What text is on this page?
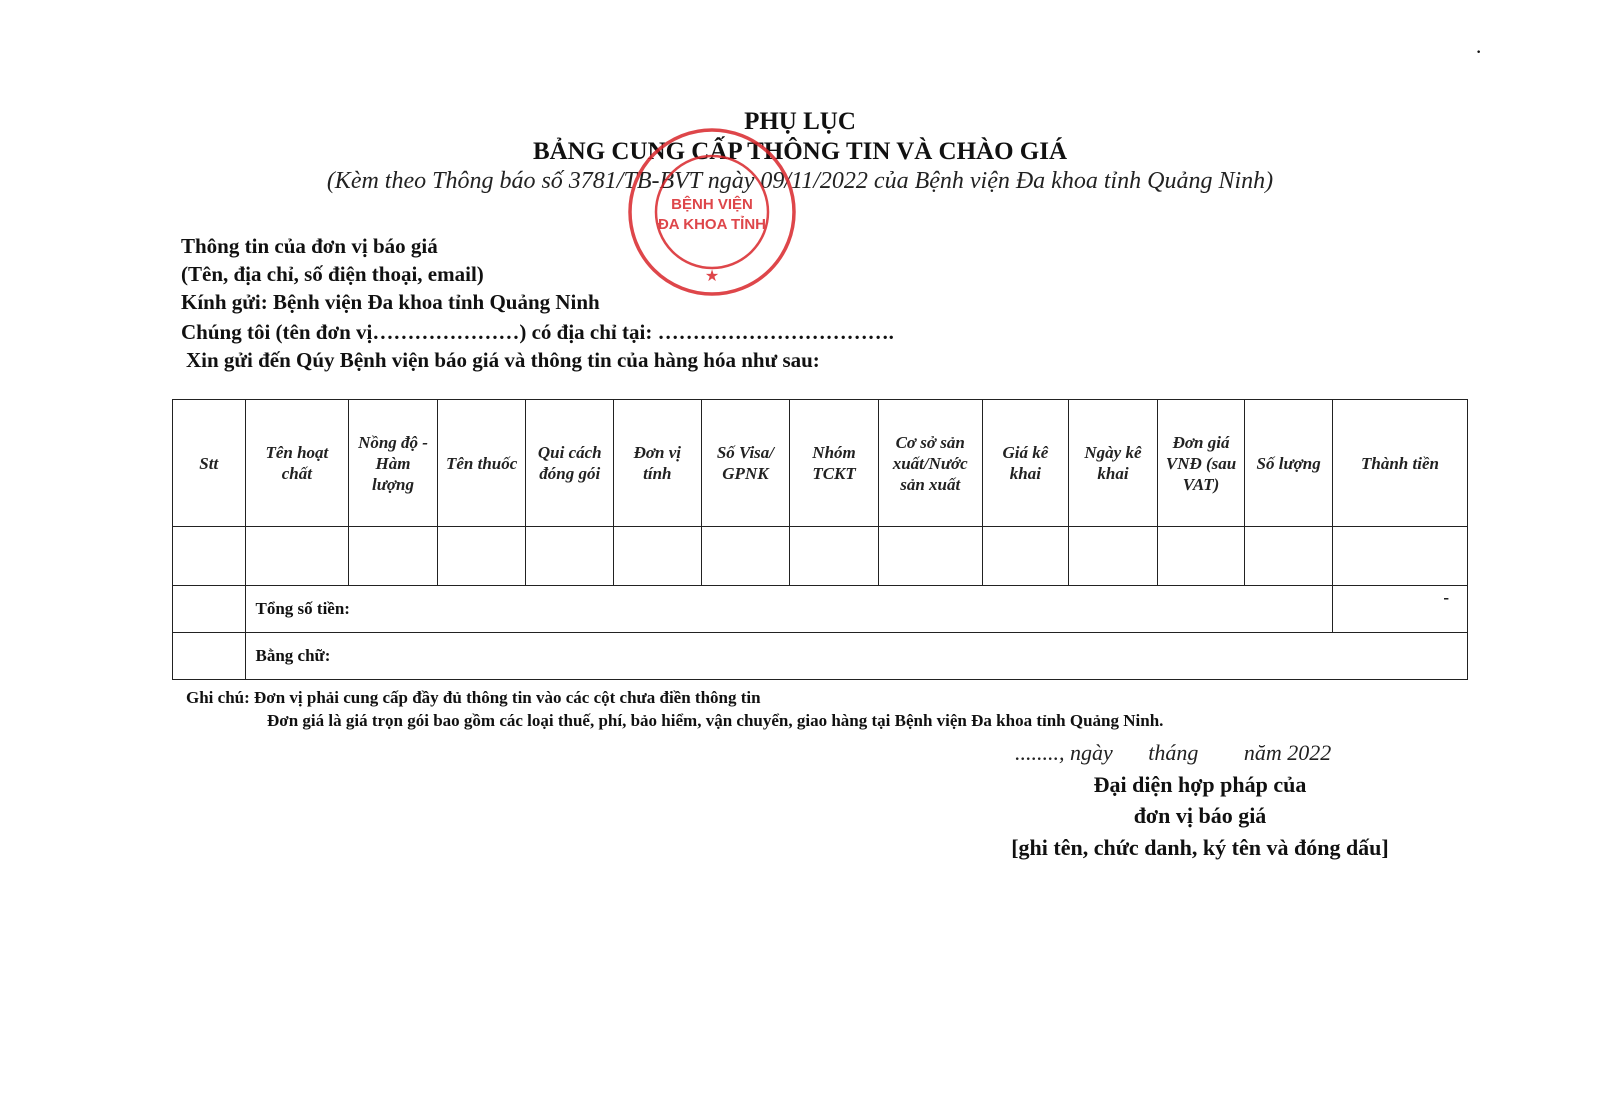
·
PHỤ LỤC
BẢNG CUNG CẤP THÔNG TIN VÀ CHÀO GIÁ
(Kèm theo Thông báo số 3781/TB-BVT ngày 09/11/2022 của Bệnh viện Đa khoa tỉnh Quảng Ninh)
BỆNH VIỆN
ĐA KHOA TỈNH
★
Thông tin của đơn vị báo giá
(Tên, địa chỉ, số điện thoại, email)
Kính gửi: Bệnh viện Đa khoa tỉnh Quảng Ninh
Chúng tôi (tên đơn vị…………………) có địa chỉ tại: …………………………….
Xin gửi đến Qúy Bệnh viện báo giá và thông tin của hàng hóa như sau:
Stt	Tên hoạt chất	Nồng độ - Hàm lượng	Tên thuốc	Qui cách đóng gói	Đơn vị tính	Số Visa/ GPNK	Nhóm TCKT	Cơ sở sản xuất/Nước sản xuất	Giá kê khai	Ngày kê khai	Đơn giá VNĐ (sau VAT)	Số lượng	Thành tiền

	Tổng số tiền:												-
	Bằng chữ:												
Ghi chú: Đơn vị phải cung cấp đầy đủ thông tin vào các cột chưa điền thông tin
Đơn giá là giá trọn gói bao gồm các loại thuế, phí, bảo hiểm, vận chuyển, giao hàng tại Bệnh viện Đa khoa tỉnh Quảng Ninh.
........, ngày tháng năm 2022
Đại diện hợp pháp của
đơn vị báo giá
[ghi tên, chức danh, ký tên và đóng dấu]
